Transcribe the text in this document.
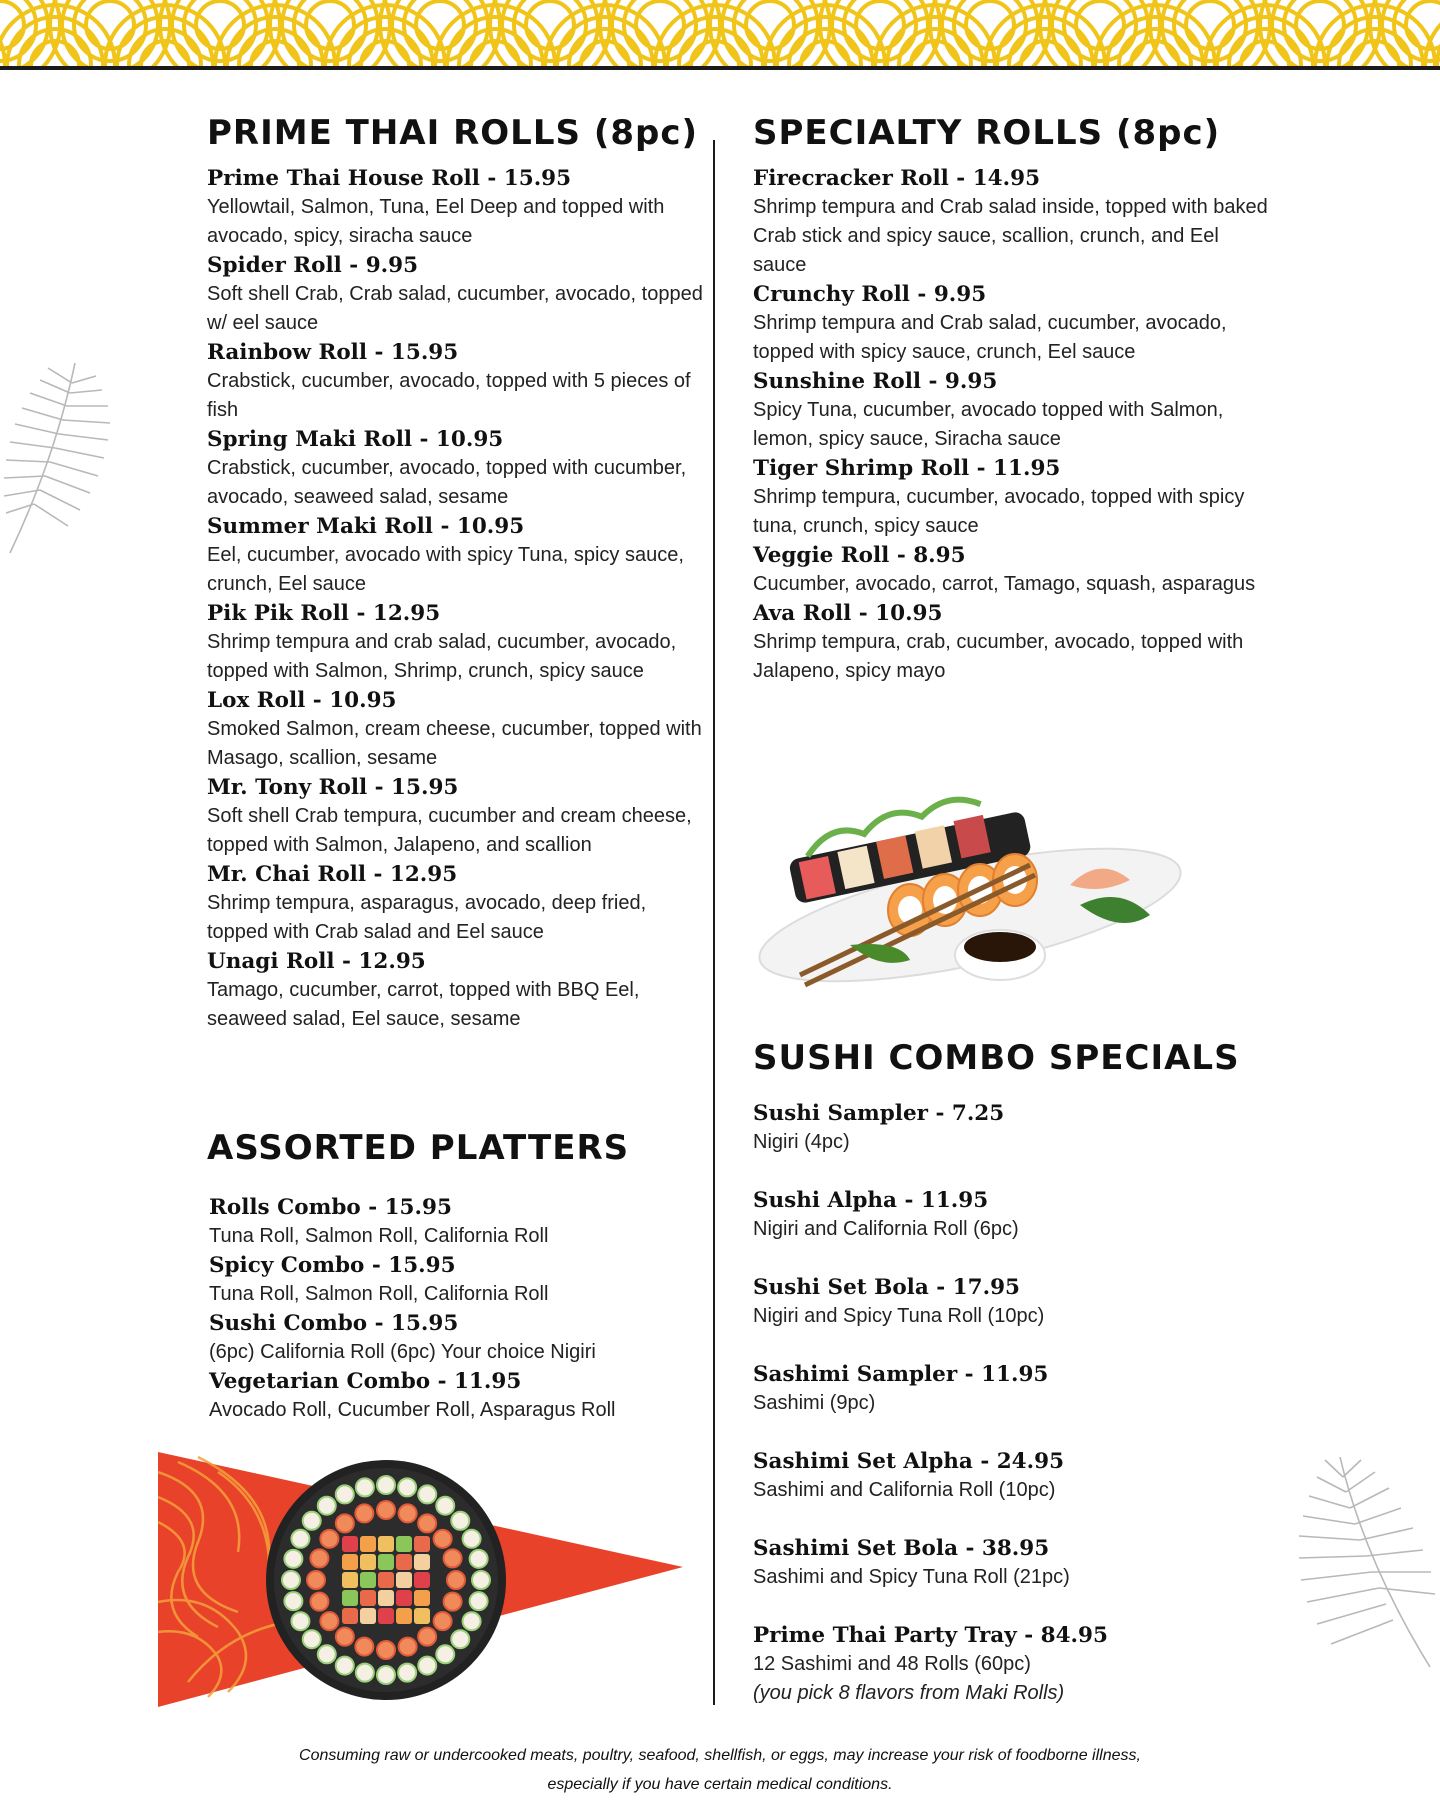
PRIME THAI ROLLS (8pc)
Prime Thai House Roll - 15.95
Yellowtail, Salmon, Tuna, Eel Deep and topped with avocado, spicy, siracha sauce
Spider Roll - 9.95
Soft shell Crab, Crab salad, cucumber, avocado, topped w/ eel sauce
Rainbow Roll - 15.95
Crabstick, cucumber, avocado, topped with 5 pieces of fish
Spring Maki Roll - 10.95
Crabstick, cucumber, avocado, topped with cucumber, avocado, seaweed salad, sesame
Summer Maki Roll - 10.95
Eel, cucumber, avocado with spicy Tuna, spicy sauce, crunch, Eel sauce
Pik Pik Roll - 12.95
Shrimp tempura and crab salad, cucumber, avocado, topped with Salmon, Shrimp, crunch, spicy sauce
Lox Roll - 10.95
Smoked Salmon, cream cheese, cucumber, topped with Masago, scallion, sesame
Mr. Tony Roll - 15.95
Soft shell Crab tempura, cucumber and cream cheese, topped with Salmon, Jalapeno, and scallion
Mr. Chai Roll - 12.95
Shrimp tempura, asparagus, avocado, deep fried, topped with Crab salad and Eel sauce
Unagi Roll - 12.95
Tamago, cucumber, carrot, topped with BBQ Eel, seaweed salad, Eel sauce, sesame
ASSORTED PLATTERS
Rolls Combo - 15.95
Tuna Roll, Salmon Roll, California Roll
Spicy Combo - 15.95
Tuna Roll, Salmon Roll, California Roll
Sushi Combo - 15.95
(6pc) California Roll (6pc) Your choice Nigiri
Vegetarian Combo - 11.95
Avocado Roll, Cucumber Roll, Asparagus Roll
SPECIALTY ROLLS (8pc)
Firecracker Roll - 14.95
Shrimp tempura and Crab salad inside, topped with baked Crab stick and spicy sauce, scallion, crunch, and Eel sauce
Crunchy Roll - 9.95
Shrimp tempura and Crab salad, cucumber, avocado, topped with spicy sauce, crunch, Eel sauce
Sunshine Roll - 9.95
Spicy Tuna, cucumber, avocado topped with Salmon, lemon, spicy sauce, Siracha sauce
Tiger Shrimp Roll - 11.95
Shrimp tempura, cucumber, avocado, topped with spicy tuna, crunch, spicy sauce
Veggie Roll - 8.95
Cucumber, avocado, carrot, Tamago, squash, asparagus
Ava Roll - 10.95
Shrimp tempura, crab, cucumber, avocado, topped with Jalapeno, spicy mayo
SUSHI COMBO SPECIALS
Sushi Sampler - 7.25
Nigiri (4pc)
Sushi Alpha - 11.95
Nigiri and California Roll (6pc)
Sushi Set Bola - 17.95
Nigiri and Spicy Tuna Roll (10pc)
Sashimi Sampler - 11.95
Sashimi (9pc)
Sashimi Set Alpha - 24.95
Sashimi and California Roll (10pc)
Sashimi Set Bola - 38.95
Sashimi and Spicy Tuna Roll (21pc)
Prime Thai Party Tray - 84.95
12 Sashimi and 48 Rolls (60pc)
(you pick 8 flavors from Maki Rolls)
Consuming raw or undercooked meats, poultry, seafood, shellfish, or eggs, may increase your risk of foodborne illness,
especially if you have certain medical conditions.
